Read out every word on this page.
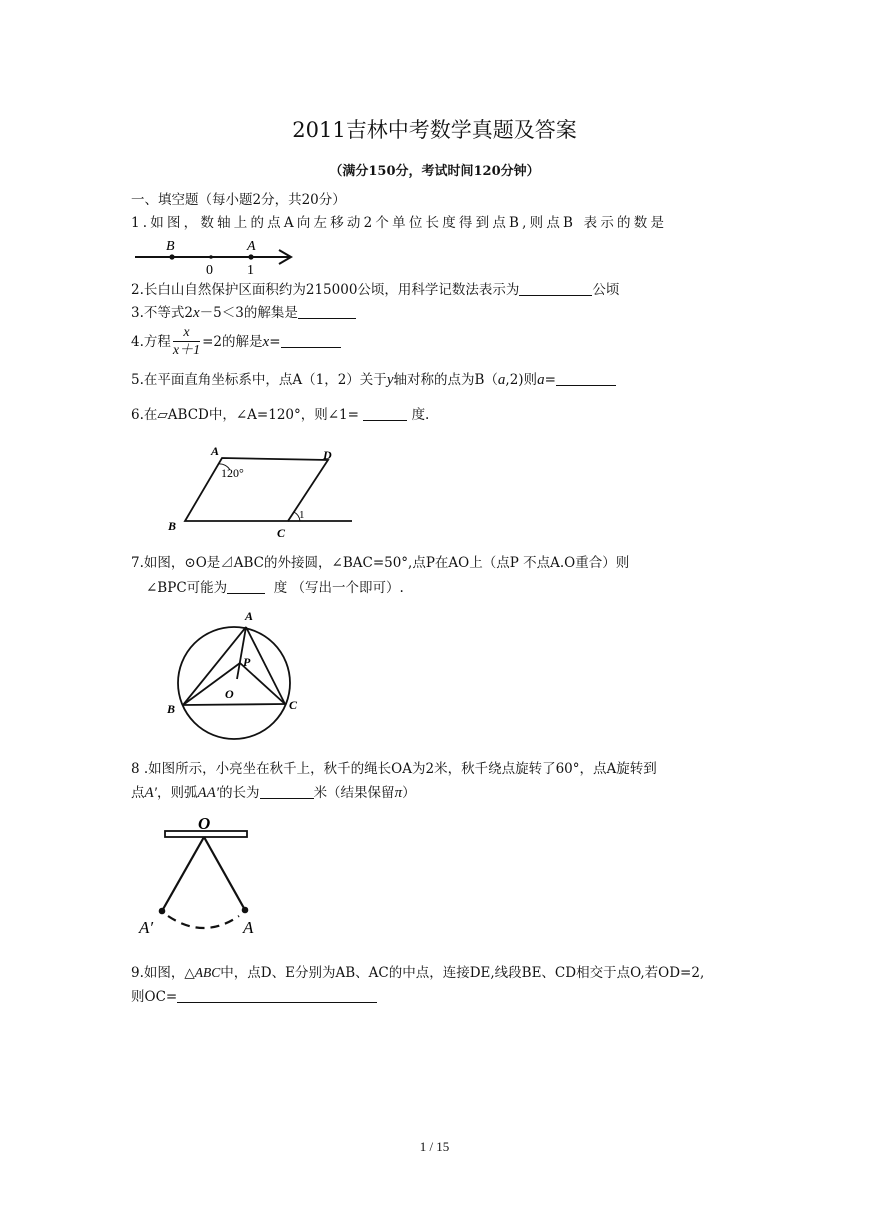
2011吉林中考数学真题及答案
（满分150分，考试时间120分钟）
一、填空题（每小题2分，共20分）
1.如图，数轴上的点A向左移动2个单位长度得到点B,则点B 表示的数是
B	A
0 1
2.长白山自然保护区面积约为215000公顷，用科学记数法表示为	公顷
3.不等式2x－5＜3的解集是
4.方程 $\frac{x}{x+1} =2$的解是x=
5.在平面直角坐标系中，点A（1，2）关于y轴对称的点为B（a,2)则a=
6.在▱ABCD中，∠A=120°，则∠1=	度.
A	D
B	C
120°
1
7.如图，⊙O是⊿ABC的外接圆，∠BAC=50°,点P在AO上（点P 不点A.O重合）则
∠BPC可能为	度 （写出一个即可）.
A
P
O
B	C
8 .如图所示，小亮坐在秋千上，秋千的绳长OA为2米，秋千绕点旋转了60°，点A旋转到
点A′，则弧AA′的长为	米（结果保留π）
O
A′	A
9.如图，△ABC中，点D、E分别为AB、AC的中点，连接DE,线段BE、CD相交于点O,若OD=2,
则OC=
1 / 15
